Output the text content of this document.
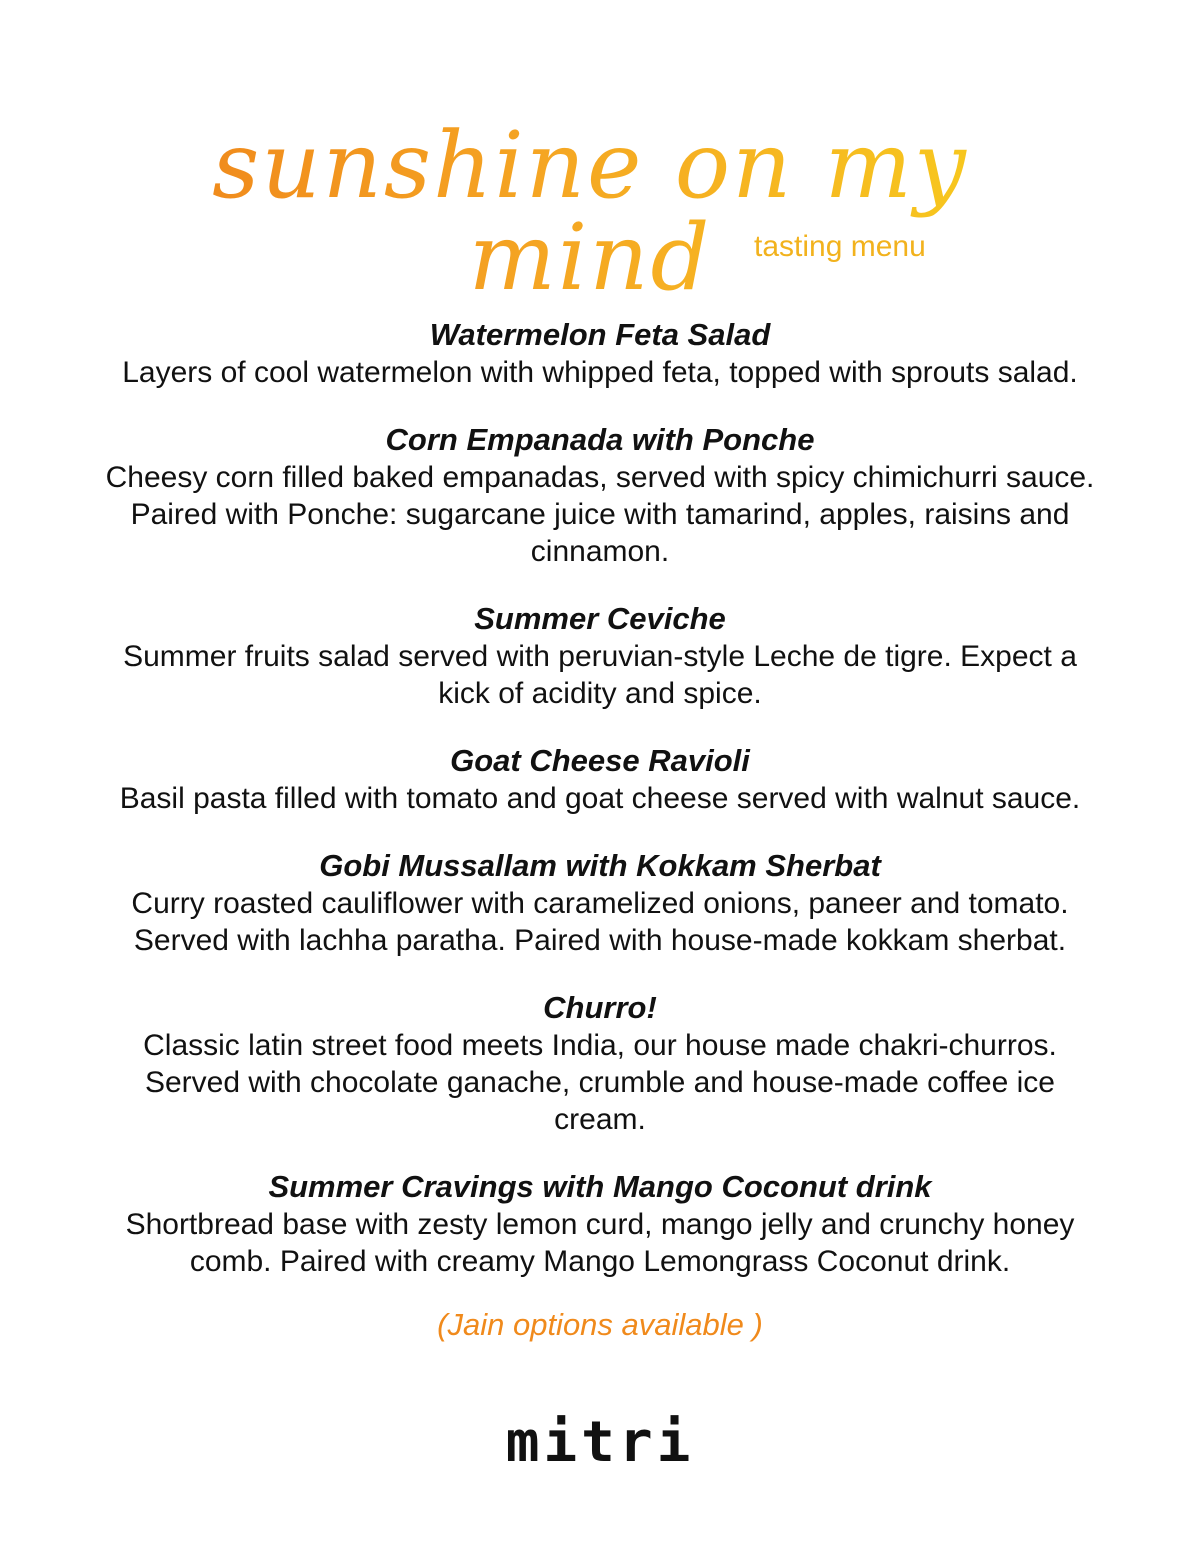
sunshine on my mind	tasting menu
Watermelon Feta Salad

Layers of cool watermelon with whipped feta, topped with sprouts salad.

Corn Empanada with Ponche

Cheesy corn filled baked empanadas, served with spicy chimichurri sauce. Paired with Ponche: sugarcane juice with tamarind, apples, raisins and cinnamon.

Summer Ceviche

Summer fruits salad served with peruvian-style Leche de tigre. Expect a kick of acidity and spice.

Goat Cheese Ravioli

Basil pasta filled with tomato and goat cheese served with walnut sauce.

Gobi Mussallam with Kokkam Sherbat

Curry roasted cauliflower with caramelized onions, paneer and tomato. Served with lachha paratha. Paired with house-made kokkam sherbat.

Churro!

Classic latin street food meets India, our house made chakri-churros. Served with chocolate ganache, crumble and house-made coffee ice cream.

Summer Cravings with Mango Coconut drink

Shortbread base with zesty lemon curd, mango jelly and crunchy honey comb. Paired with creamy Mango Lemongrass Coconut drink.

(Jain options available )

mitri
